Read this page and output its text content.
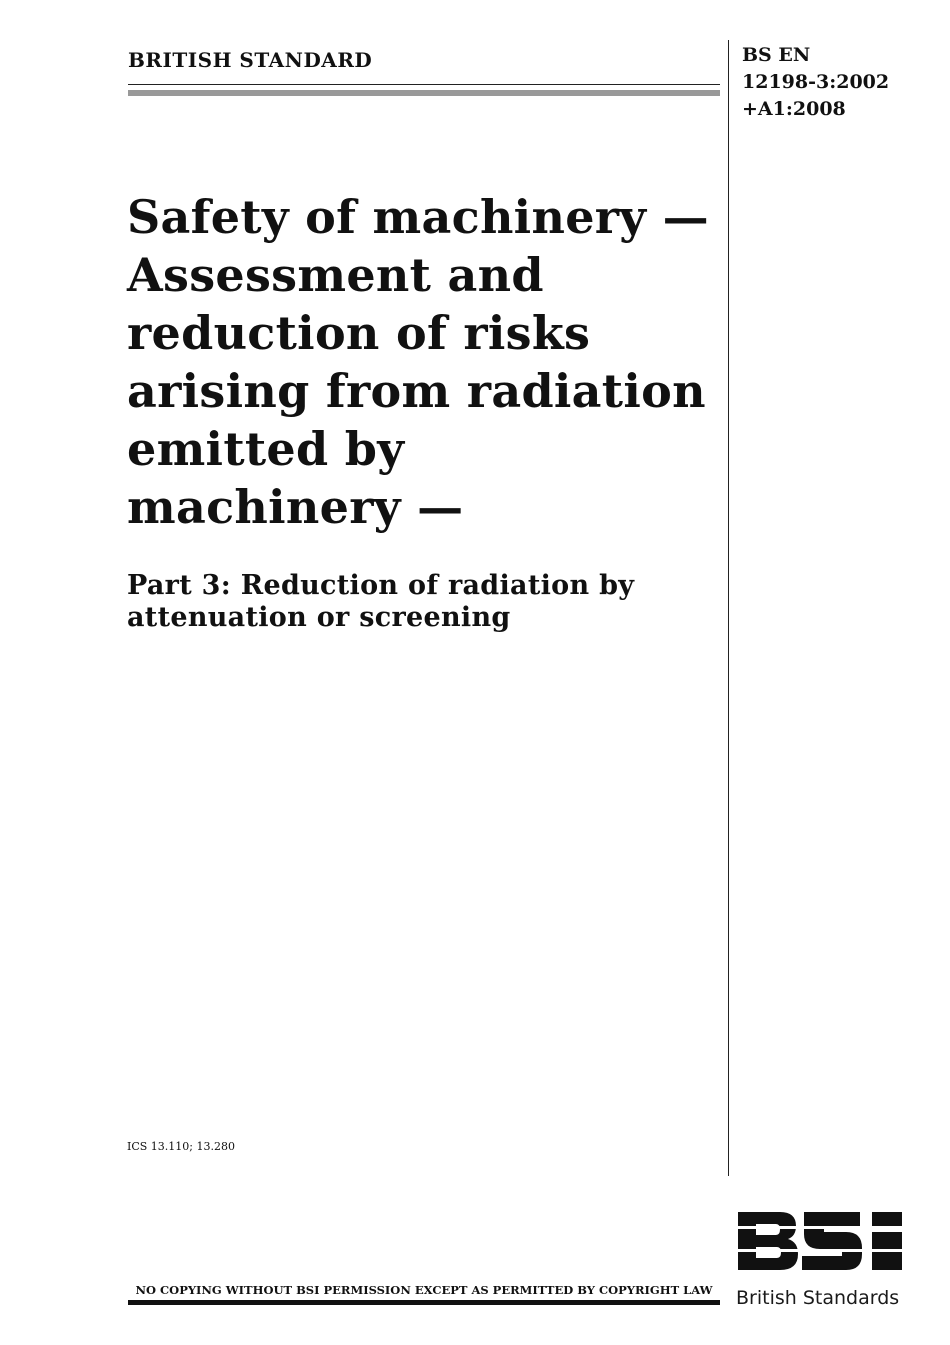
BRITISH STANDARD	BS EN
12198-3:2002
+A1:2008
Safety of machinery —
Assessment and
reduction of risks
arising from radiation
emitted by
machinery —
Part 3: Reduction of radiation by
attenuation or screening
ICS 13.110; 13.280
NO COPYING WITHOUT BSI PERMISSION EXCEPT AS PERMITTED BY COPYRIGHT LAW	British Standards
